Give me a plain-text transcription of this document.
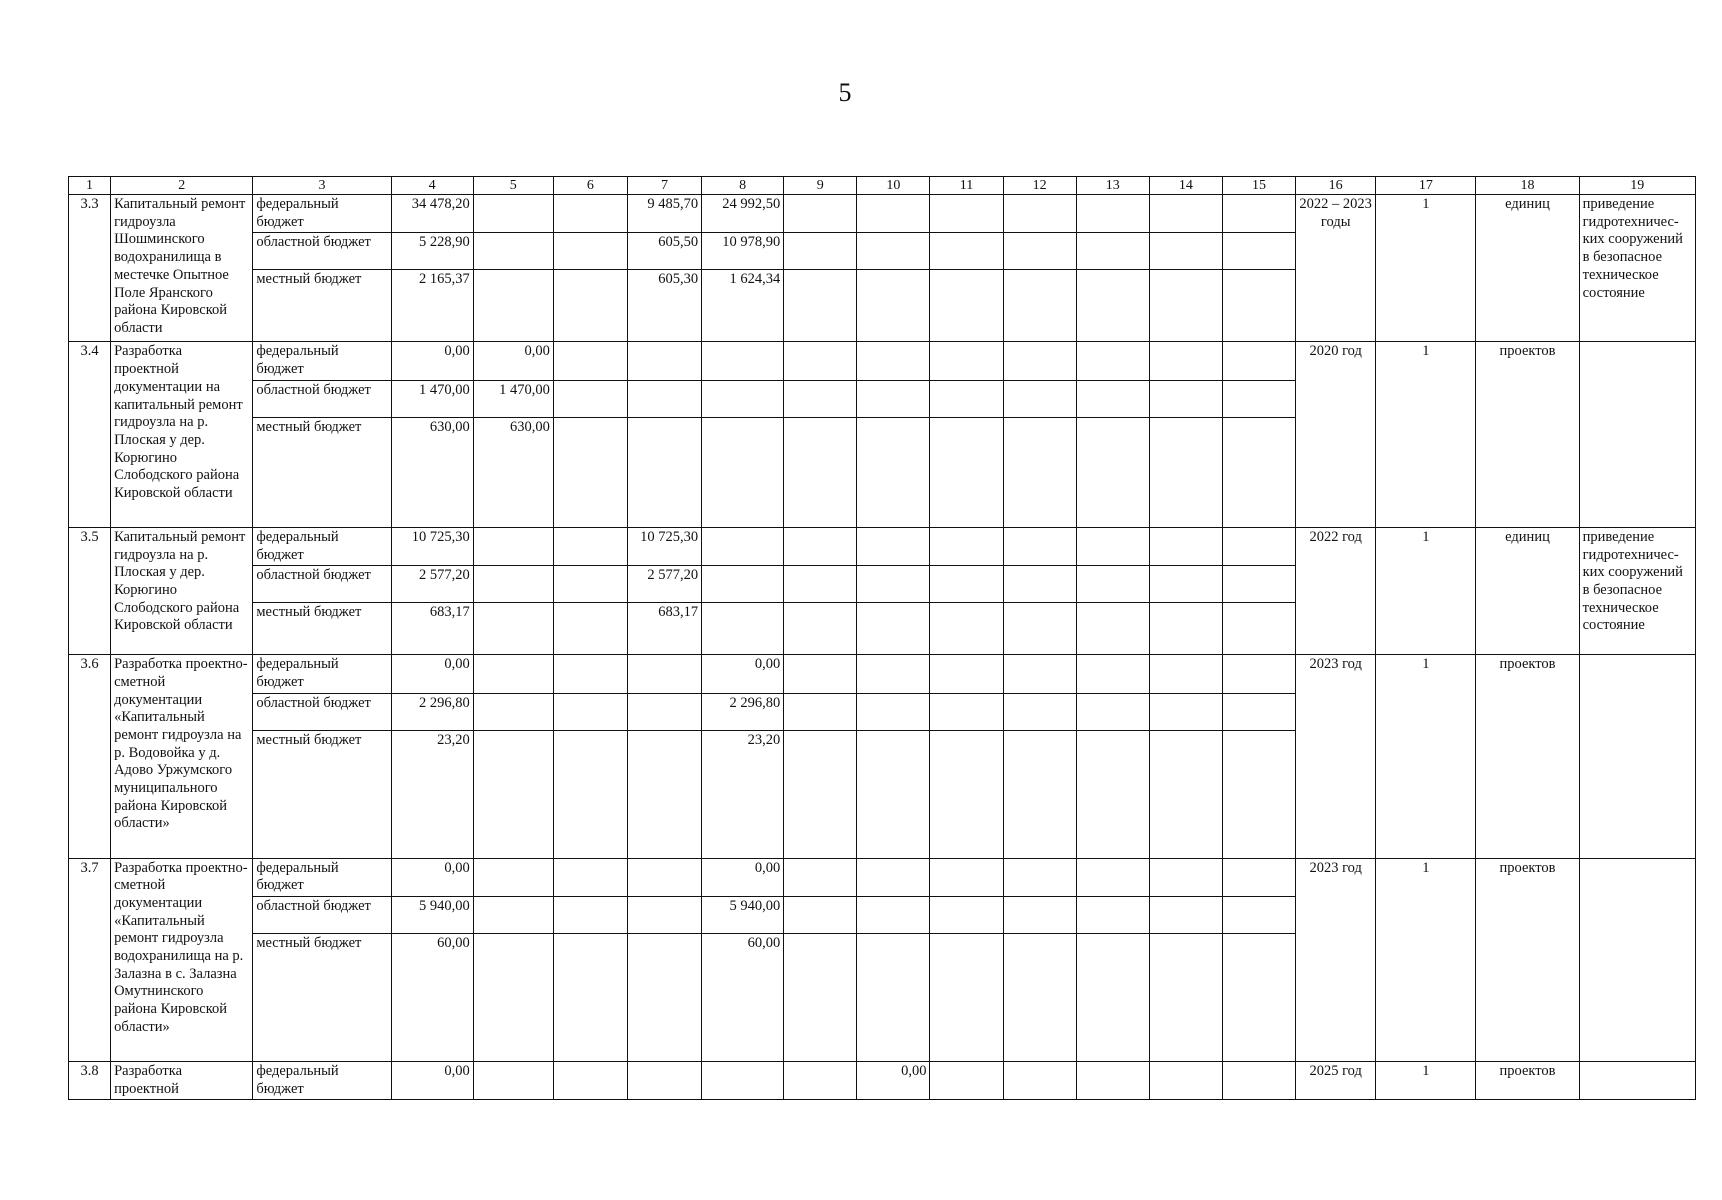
5
1	2	3	4	5	6	7	8	9	10	11	12	13	14	15	16	17	18	19
3.3	Капитальный ремонт гидроузла Шошминского водохранилища в местечке Опытное Поле Яранского района Кировской области	федеральный бюджет	34 478,20			9 485,70	24 992,50								2022 – 2023 годы	1	единиц	приведение гидротехничес-ких сооружений в безопасное техническое состояние
		областной бюджет	5 228,90			605,50	10 978,90											
		местный бюджет	2 165,37			605,30	1 624,34											
3.4	Разработка проектной документации на капитальный ремонт гидроузла на р. Плоская у дер. Корюгино Слободского района Кировской области	федеральный бюджет	0,00	0,00											2020 год	1	проектов	
		областной бюджет	1 470,00	1 470,00														
		местный бюджет	630,00	630,00														
3.5	Капитальный ремонт гидроузла на р. Плоская у дер. Корюгино Слободского района Кировской области	федеральный бюджет	10 725,30			10 725,30									2022 год	1	единиц	приведение гидротехничес-ких сооружений в безопасное техническое состояние
		областной бюджет	2 577,20			2 577,20												
		местный бюджет	683,17			683,17												
3.6	Разработка проектно-сметной документации «Капитальный ремонт гидроузла на р. Водовойка у д. Адово Уржумского муниципального района Кировской области»	федеральный бюджет	0,00				0,00								2023 год	1	проектов	
		областной бюджет	2 296,80				2 296,80											
		местный бюджет	23,20				23,20											
3.7	Разработка проектно-сметной документации «Капитальный ремонт гидроузла водохранилища на р. Залазна в с. Залазна Омутнинского района Кировской области»	федеральный бюджет	0,00				0,00								2023 год	1	проектов	
		областной бюджет	5 940,00				5 940,00											
		местный бюджет	60,00				60,00											
3.8	Разработка проектной	федеральный бюджет	0,00						0,00						2025 год	1	проектов	
